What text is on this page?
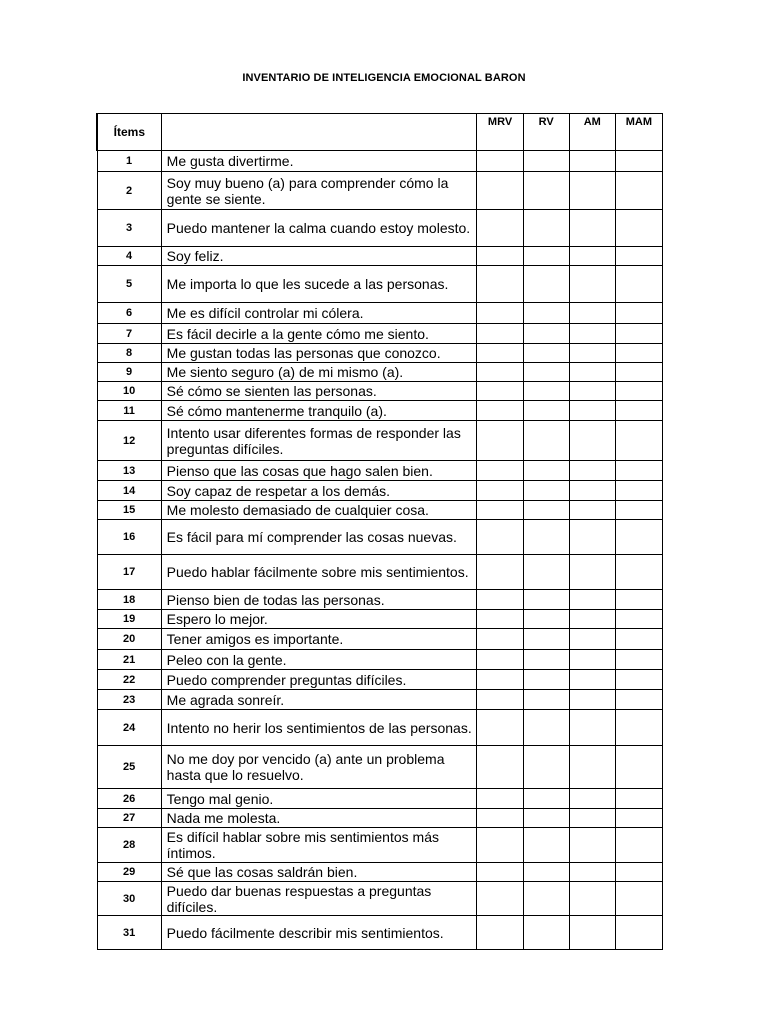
INVENTARIO DE INTELIGENCIA EMOCIONAL BARON
Ítems		MRV	RV	AM	MAM
1	Me gusta divertirme.				
2	Soy muy bueno (a) para comprender cómo la gente se siente.				
3	Puedo mantener la calma cuando estoy molesto.				
4	Soy feliz.				
5	Me importa lo que les sucede a las personas.				
6	Me es difícil controlar mi cólera.				
7	Es fácil decirle a la gente cómo me siento.				
8	Me gustan todas las personas que conozco.				
9	Me siento seguro (a) de mi mismo (a).				
10	Sé cómo se sienten las personas.				
11	Sé cómo mantenerme tranquilo (a).				
12	Intento usar diferentes formas de responder las preguntas difíciles.				
13	Pienso que las cosas que hago salen bien.				
14	Soy capaz de respetar a los demás.				
15	Me molesto demasiado de cualquier cosa.				
16	Es fácil para mí comprender las cosas nuevas.				
17	Puedo hablar fácilmente sobre mis sentimientos.				
18	Pienso bien de todas las personas.				
19	Espero lo mejor.				
20	Tener amigos es importante.				
21	Peleo con la gente.				
22	Puedo comprender preguntas difíciles.				
23	Me agrada sonreír.				
24	Intento no herir los sentimientos de las personas.				
25	No me doy por vencido (a) ante un problema hasta que lo resuelvo.				
26	Tengo mal genio.				
27	Nada me molesta.				
28	Es difícil hablar sobre mis sentimientos más íntimos.				
29	Sé que las cosas saldrán bien.				
30	Puedo dar buenas respuestas a preguntas difíciles.				
31	Puedo fácilmente describir mis sentimientos.				
